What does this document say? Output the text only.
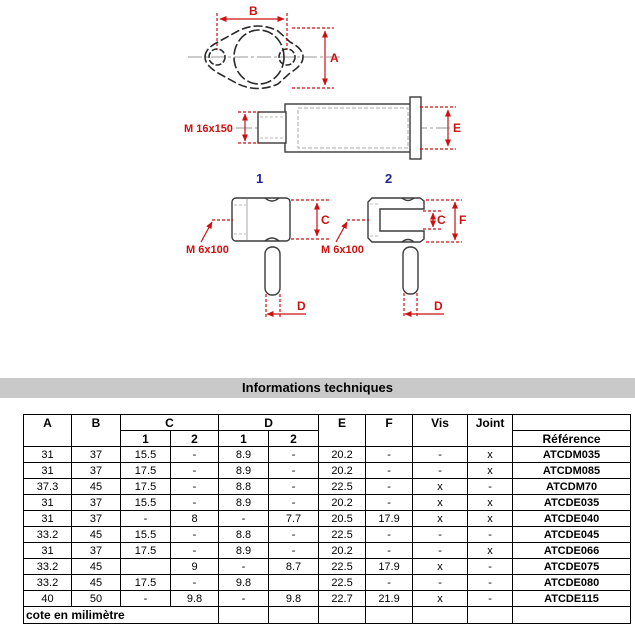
B
A
M 16x150	E
1	2
C
M 6x100
D
C F
M 6x100
D
Informations techniques
A	B	C		D		E	F	Vis	Joint	
		1	2	1	2					Référence
31	37	15.5	-	8.9	-	20.2	-	-	x	ATCDM035
31	37	17.5	-	8.9	-	20.2	-	-	x	ATCDM085
37.3	45	17.5	-	8.8	-	22.5	-	x	-	ATCDM70
31	37	15.5	-	8.9	-	20.2	-	x	x	ATCDE035
31	37	-	8	-	7.7	20.5	17.9	x	x	ATCDE040
33.2	45	15.5	-	8.8	-	22.5	-	-	-	ATCDE045
31	37	17.5	-	8.9	-	20.2	-	-	x	ATCDE066
33.2	45		9	-	8.7	22.5	17.9	x	-	ATCDE075
33.2	45	17.5	-	9.8		22.5	-	-	-	ATCDE080
40	50	-	9.8	-	9.8	22.7	21.9	x	-	ATCDE115
cote en milimètre										
